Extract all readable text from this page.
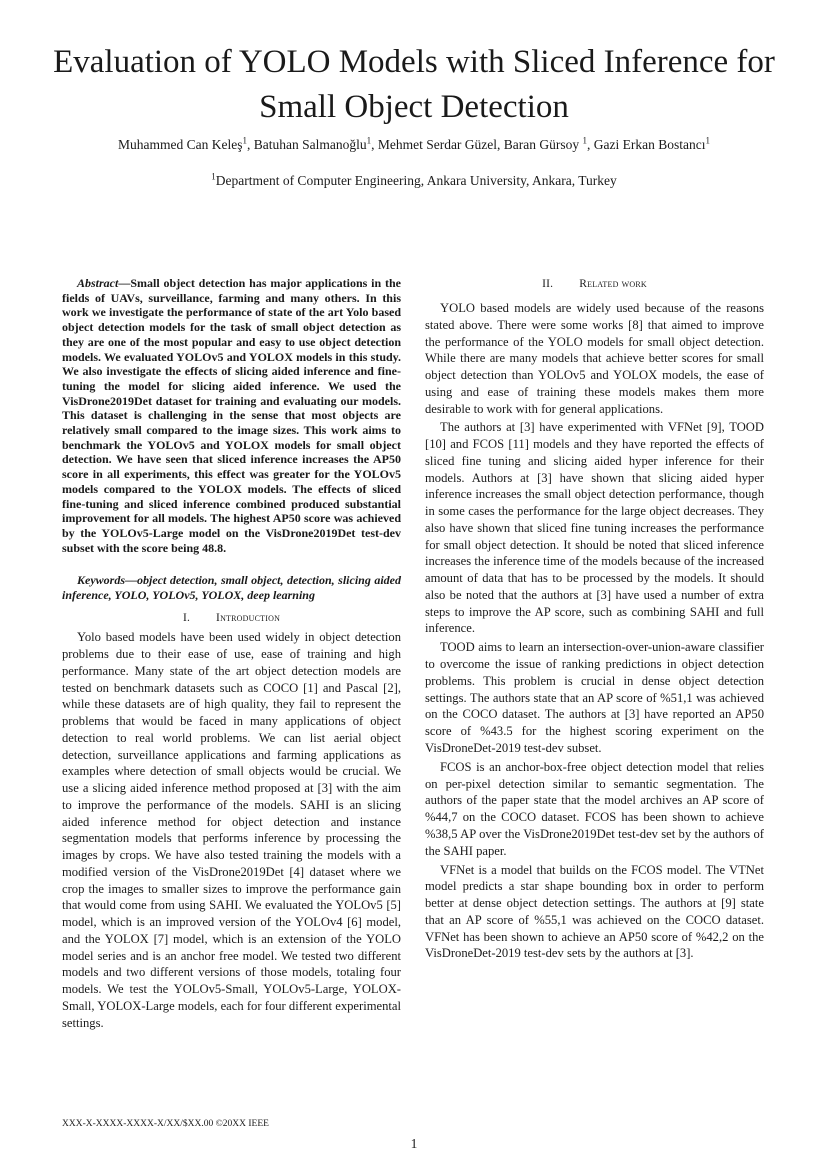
Evaluation of YOLO Models with Sliced Inference for Small Object Detection
Muhammed Can Keleş$^1$, Batuhan Salmanoğlu$^1$, Mehmet Serdar Güzel, Baran Gürsoy $^1$, Gazi Erkan Bostancı$^1$
$^1$Department of Computer Engineering, Ankara University, Ankara, Turkey

Abstract—Small object detection has major applications in the fields of UAVs, surveillance, farming and many others. In this work we investigate the performance of state of the art Yolo based object detection models for the task of small object detection as they are one of the most popular and easy to use object detection models. We evaluated YOLOv5 and YOLOX models in this study. We also investigate the effects of slicing aided inference and fine-tuning the model for slicing aided inference. We used the VisDrone2019Det dataset for training and evaluating our models. This dataset is challenging in the sense that most objects are relatively small compared to the image sizes. This work aims to benchmark the YOLOv5 and YOLOX models for small object detection. We have seen that sliced inference increases the AP50 score in all experiments, this effect was greater for the YOLOv5 models compared to the YOLOX models. The effects of sliced fine-tuning and sliced inference combined produced substantial improvement for all models. The highest AP50 score was achieved by the YOLOv5-Large model on the VisDrone2019Det test-dev subset with the score being 48.8.

Keywords—object detection, small object, detection, slicing aided inference, YOLO, YOLOv5, YOLOX, deep learning

I. Introduction

Yolo based models have been used widely in object detection problems due to their ease of use, ease of training and high performance. Many state of the art object detection models are tested on benchmark datasets such as COCO [1] and Pascal [2], while these datasets are of high quality, they fail to represent the problems that would be faced in many applications of object detection to real world problems. We can list aerial object detection, surveillance applications and farming applications as examples where detection of small objects would be crucial. We use a slicing aided inference method proposed at [3] with the aim to improve the performance of the models. SAHI is an slicing aided inference method for object detection and instance segmentation models that performs inference by processing the images by crops. We have also tested training the models with a modified version of the VisDrone2019Det [4] dataset where we crop the images to smaller sizes to improve the performance gain that would come from using SAHI. We evaluated the YOLOv5 [5] model, which is an improved version of the YOLOv4 [6] model, and the YOLOX [7] model, which is an extension of the YOLO model series and is an anchor free model. We tested two different models and two different versions of those models, totaling four models. We test the YOLOv5-Small, YOLOv5-Large, YOLOX-Small, YOLOX-Large models, each for four different experimental settings.

II. Related work

YOLO based models are widely used because of the reasons stated above. There were some works [8] that aimed to improve the performance of the YOLO models for small object detection. While there are many models that achieve better scores for small object detection than YOLOv5 and YOLOX models, the ease of using and ease of training these models makes them more desirable to work with for general applications.

The authors at [3] have experimented with VFNet [9], TOOD [10] and FCOS [11] models and they have reported the effects of sliced fine tuning and slicing aided hyper inference for their models. Authors at [3] have shown that slicing aided hyper inference increases the small object detection performance, though in some cases the performance for the large object decreases. They also have shown that sliced fine tuning increases the performance for small object detection. It should be noted that sliced inference increases the inference time of the models because of the increased amount of data that has to be processed by the models. It should also be noted that the authors at [3] have used a number of extra steps to improve the AP score, such as combining SAHI and full inference.

TOOD aims to learn an intersection-over-union-aware classifier to overcome the issue of ranking predictions in object detection problems. This problem is crucial in dense object detection settings. The authors state that an AP score of %51,1 was achieved on the COCO dataset. The authors at [3] have reported an AP50 score of %43.5 for the highest scoring experiment on the VisDroneDet-2019 test-dev subset.

FCOS is an anchor-box-free object detection model that relies on per-pixel detection similar to semantic segmentation. The authors of the paper state that the model archives an AP score of %44,7 on the COCO dataset. FCOS has been shown to achieve %38,5 AP over the VisDrone2019Det test-dev set by the authors of the SAHI paper.

VFNet is a model that builds on the FCOS model. The VTNet model predicts a star shape bounding box in order to perform better at dense object detection settings. The authors at [9] state that an AP score of %55,1 was achieved on the COCO dataset. VFNet has been shown to achieve an AP50 score of %42,2 on the VisDroneDet-2019 test-dev sets by the authors at [3].

XXX-X-XXXX-XXXX-X/XX/$XX.00 ©20XX IEEE
1
